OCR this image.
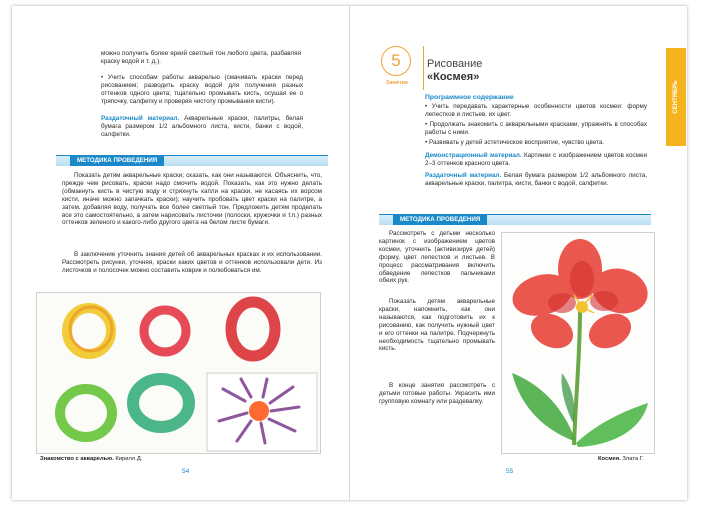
можно получить более яркий светлый тон любого цвета, разбавляя краску водой и т. д.).

• Учить способам работы акварелью (смачивать краски перед рисованием; разводить краску водой для получения разных оттенков одного цвета; тщательно промывать кисть, осушая ее о тряпочку, салфетку и проверяя чистоту промывания кисти).

Раздаточный материал. Акварельные краски, палитры, белая бумага размером 1/2 альбомного листа, кисти, банки с водой, салфетки.

МЕТОДИКА ПРОВЕДЕНИЯ

Показать детям акварельные краски; сказать, как они называются. Объяснить, что, прежде чем рисовать, краски надо смочить водой. Показать, как это нужно делать (обмакнуть кисть в чистую воду и стряхнуть капли на краски, не касаясь их ворсом кисти, иначе можно запачкать краски); научить пробовать цвет краски на палитре, а затем, добавляя воду, получать все более светлый тон. Предложить детям проделать все это самостоятельно, а затем нарисовать листочки (полоски, кружочки и т.п.) разных оттенков зеленого и какого-либо другого цвета на белом листе бумаги.

В заключение уточнить знания детей об акварельных красках и их использовании. Рассмотреть рисунки, уточняя, краски каких цветов и оттенков использовали дети. Из листочков и полосочек можно составить коврик и полюбоваться им.

Знакомство с акварелью. Кирилл Д.
54
5
Занятие
Рисование
«Космея»
СЕНТЯБРЬ
Программное содержание

• Учить передавать характерные особенности цветов космеи: форму лепестков и листьев, их цвет.

• Продолжать знакомить с акварельными красками, упражнять в способах работы с ними.

• Развивать у детей эстетическое восприятие, чувство цвета.

Демонстрационный материал. Картинки с изображением цветов космеи 2–3 оттенков красного цвета.

Раздаточный материал. Белая бумага размером 1/2 альбомного листа, акварельные краски, палитра, кисти, банки с водой, салфетки.

МЕТОДИКА ПРОВЕДЕНИЯ

Рассмотреть с детьми несколько картинок с изображением цветов космеи, уточнить (активизируя детей) форму, цвет лепестков и листьев. В процесс рассматривания включить обведение лепестков пальчиками обеих рук.

Показать детям акварельные краски, напомнить, как они называются, как подготовить их к рисованию, как получить нужный цвет и его оттенки на палитре. Подчеркнуть необходимость тщательно промывать кисть.

В конце занятия рассмотреть с детьми готовые работы. Украсить ими групповую комнату или раздевалку.

Космея. Злата Г.
55
